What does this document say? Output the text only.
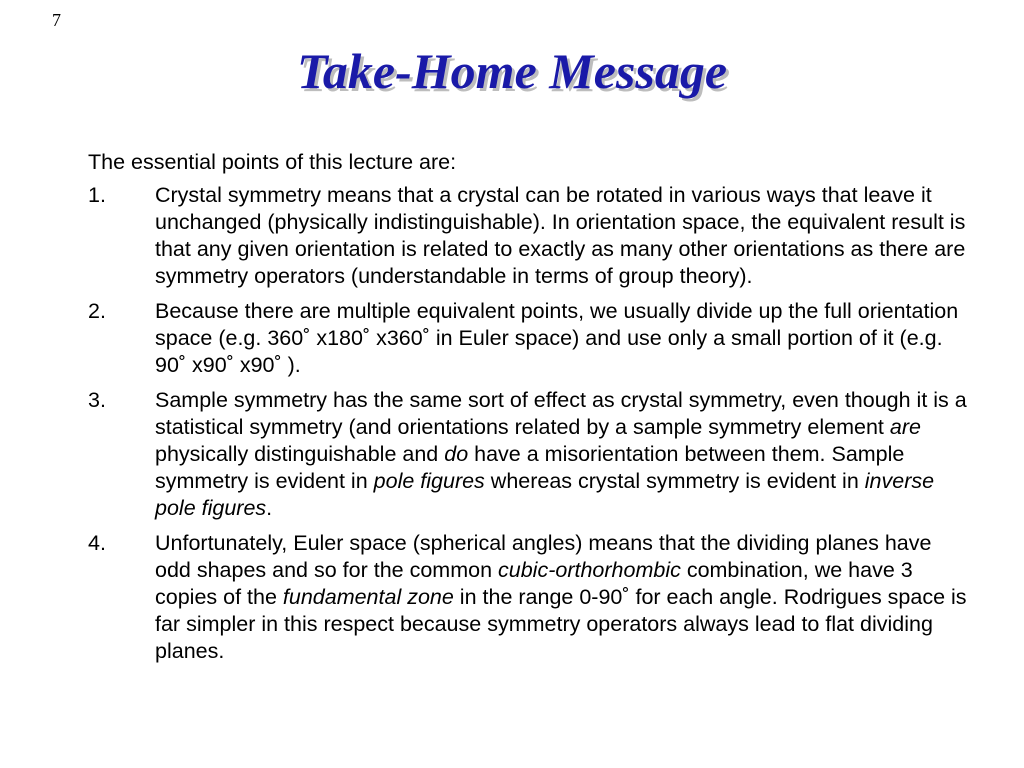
7
Take-Home Message

The essential points of this lecture are:

1.	Crystal symmetry means that a crystal can be rotated in various ways that leave it unchanged (physically indistinguishable). In orientation space, the equivalent result is that any given orientation is related to exactly as many other orientations as there are symmetry operators (understandable in terms of group theory).
2.	Because there are multiple equivalent points, we usually divide up the full orientation space (e.g. 360˚ x180˚ x360˚ in Euler space) and use only a small portion of it (e.g. 90˚ x90˚ x90˚ ).
3.	Sample symmetry has the same sort of effect as crystal symmetry, even though it is a statistical symmetry (and orientations related by a sample symmetry element are physically distinguishable and do have a misorientation between them. Sample symmetry is evident in pole figures whereas crystal symmetry is evident in inverse pole figures.
4.	Unfortunately, Euler space (spherical angles) means that the dividing planes have odd shapes and so for the common cubic-orthorhombic combination, we have 3 copies of the fundamental zone in the range 0-90˚ for each angle. Rodrigues space is far simpler in this respect because symmetry operators always lead to flat dividing planes.
